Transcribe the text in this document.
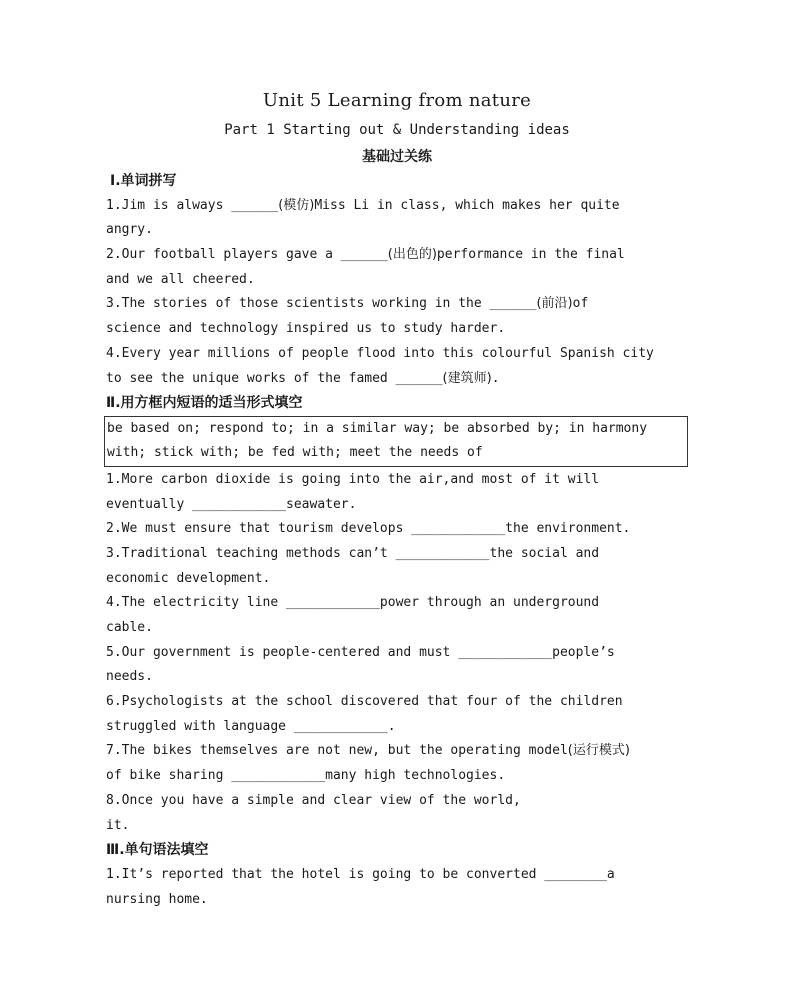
Unit 5 Learning from nature
Part 1 Starting out & Understanding ideas
基础过关练
Ⅰ.单词拼写
1.Jim is always ______(模仿)Miss Li in class, which makes her quite
angry.
2.Our football players gave a ______(出色的)performance in the final
and we all cheered.
3.The stories of those scientists working in the ______(前沿)of
science and technology inspired us to study harder.
4.Every year millions of people flood into this colourful Spanish city
to see the unique works of the famed ______(建筑师).
Ⅱ.用方框内短语的适当形式填空
be based on; respond to; in a similar way; be absorbed by; in harmony
with; stick with; be fed with; meet the needs of
1.More carbon dioxide is going into the air,and most of it will
eventually ____________seawater.
2.We must ensure that tourism develops ____________the environment.
3.Traditional teaching methods can’t ____________the social and
economic development.
4.The electricity line ____________power through an underground
cable.
5.Our government is people-centered and must ____________people’s
needs.
6.Psychologists at the school discovered that four of the children
struggled with language ____________.
7.The bikes themselves are not new, but the operating model(运行模式)
of bike sharing ____________many high technologies.
8.Once you have a simple and clear view of the world,
it.
Ⅲ.单句语法填空
1.It’s reported that the hotel is going to be converted ________a
nursing home.
